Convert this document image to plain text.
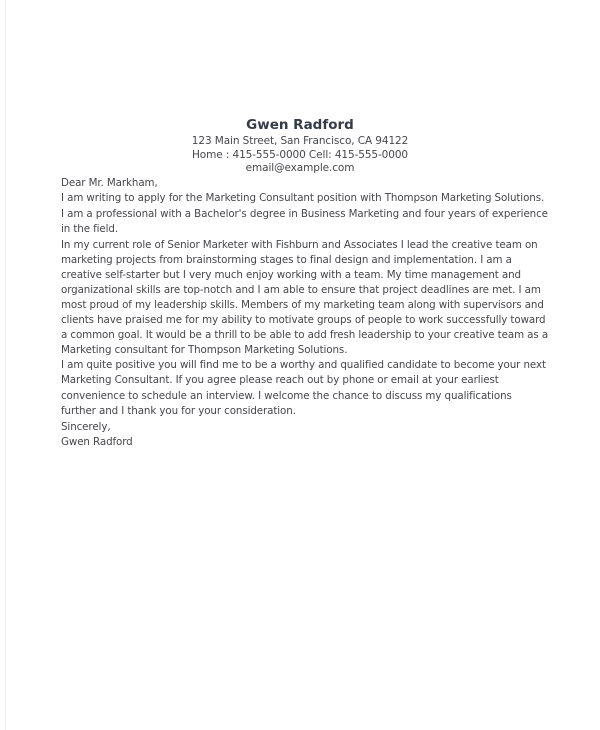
Gwen Radford
123 Main Street, San Francisco, CA 94122
Home : 415-555-0000 Cell: 415-555-0000
email@example.com

Dear Mr. Markham,

I am writing to apply for the Marketing Consultant position with Thompson Marketing Solutions. I am a professional with a Bachelor's degree in Business Marketing and four years of experience in the field.

In my current role of Senior Marketer with Fishburn and Associates I lead the creative team on marketing projects from brainstorming stages to final design and implementation. I am a creative self-starter but I very much enjoy working with a team. My time management and organizational skills are top-notch and I am able to ensure that project deadlines are met. I am most proud of my leadership skills. Members of my marketing team along with supervisors and clients have praised me for my ability to motivate groups of people to work successfully toward a common goal. It would be a thrill to be able to add fresh leadership to your creative team as a Marketing consultant for Thompson Marketing Solutions.

I am quite positive you will find me to be a worthy and qualified candidate to become your next Marketing Consultant. If you agree please reach out by phone or email at your earliest convenience to schedule an interview. I welcome the chance to discuss my qualifications further and I thank you for your consideration.

Sincerely,

Gwen Radford
